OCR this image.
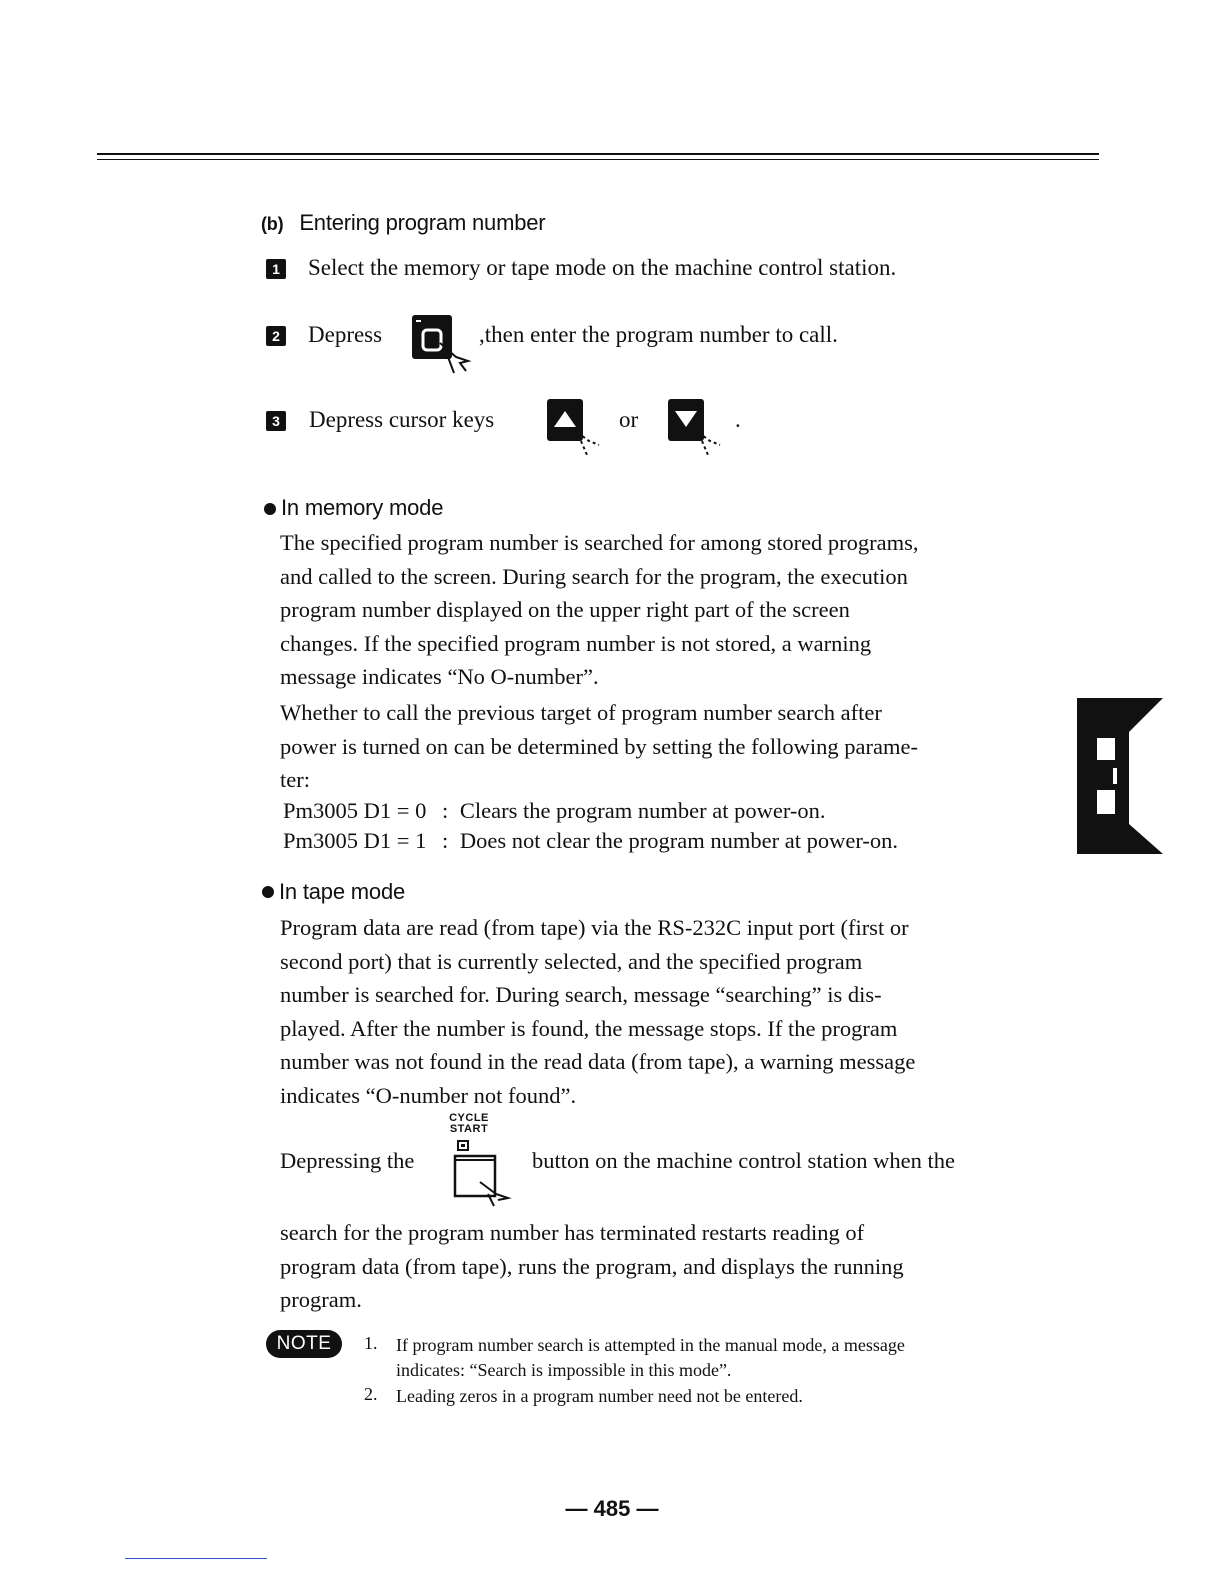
(b) Entering program number
1 Select the memory or tape mode on the machine control station.
2 Depress	,then enter the program number to call.
3 Depress cursor keys	or	.
In memory mode

The specified program number is searched for among stored programs,

and called to the screen. During search for the program, the execution

program number displayed on the upper right part of the screen

changes. If the specified program number is not stored, a warning

message indicates “No O-number”.

Whether to call the previous target of program number search after

power is turned on can be determined by setting the following parame-

ter:

Pm3005 D1 = 0 : Clears the program number at power-on.
Pm3005 D1 = 1 : Does not clear the program number at power-on.
In tape mode

Program data are read (from tape) via the RS-232C input port (first or

second port) that is currently selected, and the specified program

number is searched for. During search, message “searching” is dis-

played. After the number is found, the message stops. If the program

number was not found in the read data (from tape), a warning message

indicates “O-number not found”.

CYCLE
START
Depressing the	button on the machine control station when the

search for the program number has terminated restarts reading of

program data (from tape), runs the program, and displays the running

program.

NOTE	1. If program number search is attempted in the manual mode, a message
indicates: “Search is impossible in this mode”.
2. Leading zeros in a program number need not be entered.
— 485 —
